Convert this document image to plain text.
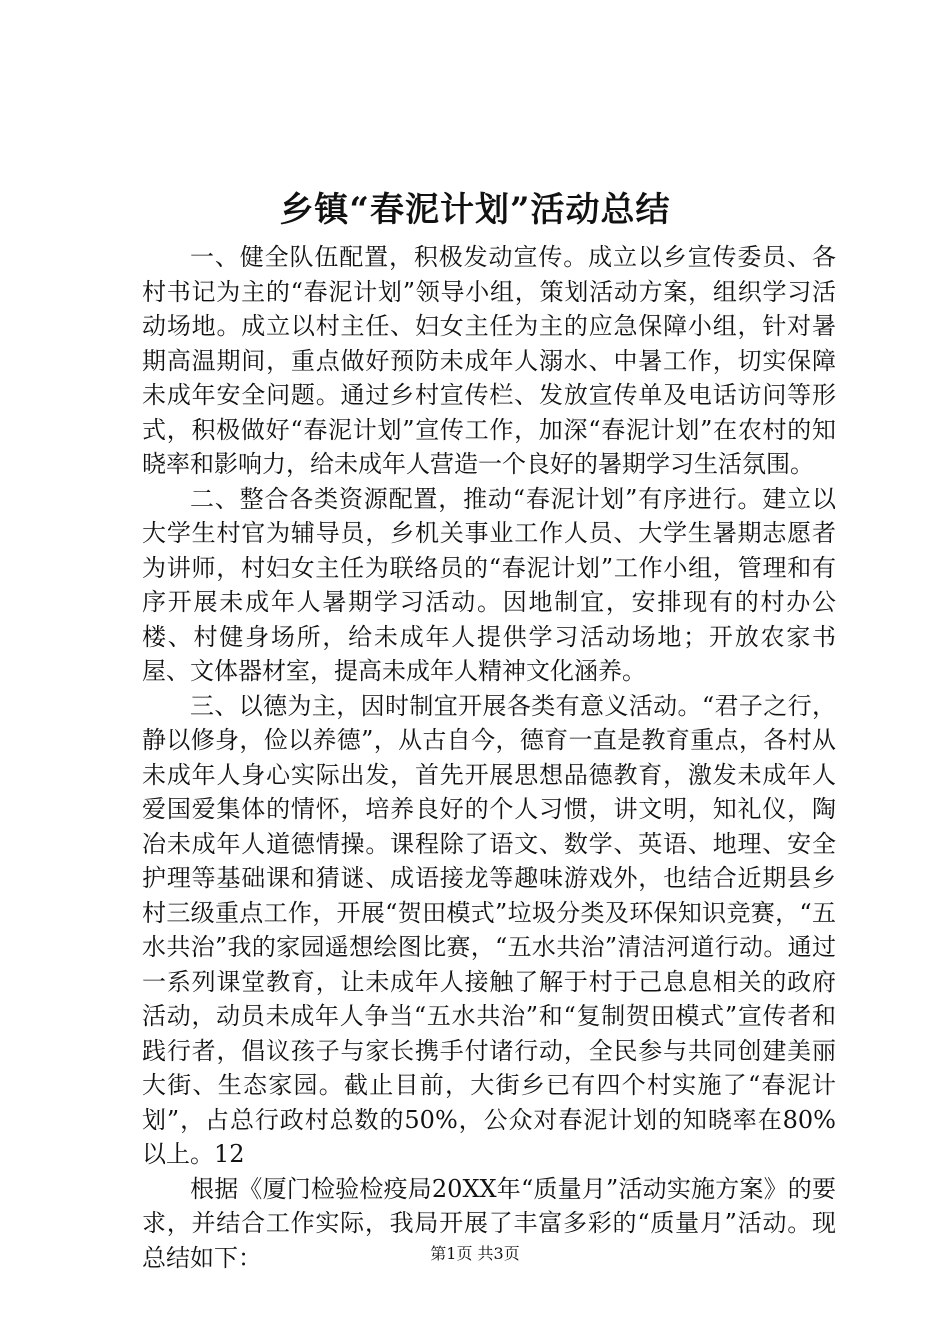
乡镇“春泥计划”活动总结

一、健全队伍配置，积极发动宣传。成立以乡宣传委员、各村书记为主的“春泥计划”领导小组，策划活动方案，组织学习活动场地。成立以村主任、妇女主任为主的应急保障小组，针对暑期高温期间，重点做好预防未成年人溺水、中暑工作，切实保障未成年安全问题。通过乡村宣传栏、发放宣传单及电话访问等形式，积极做好“春泥计划”宣传工作，加深“春泥计划”在农村的知晓率和影响力，给未成年人营造一个良好的暑期学习生活氛围。

二、整合各类资源配置，推动“春泥计划”有序进行。建立以大学生村官为辅导员，乡机关事业工作人员、大学生暑期志愿者为讲师，村妇女主任为联络员的“春泥计划”工作小组，管理和有序开展未成年人暑期学习活动。因地制宜，安排现有的村办公楼、村健身场所，给未成年人提供学习活动场地；开放农家书屋、文体器材室，提高未成年人精神文化涵养。

三、以德为主，因时制宜开展各类有意义活动。“君子之行，静以修身，俭以养德”，从古自今，德育一直是教育重点，各村从未成年人身心实际出发，首先开展思想品德教育，激发未成年人爱国爱集体的情怀，培养良好的个人习惯，讲文明，知礼仪，陶冶未成年人道德情操。课程除了语文、数学、英语、地理、安全护理等基础课和猜谜、成语接龙等趣味游戏外，也结合近期县乡村三级重点工作，开展“贺田模式”垃圾分类及环保知识竞赛，“五水共治”我的家园遥想绘图比赛，“五水共治”清洁河道行动。通过一系列课堂教育，让未成年人接触了解于村于己息息相关的政府活动，动员未成年人争当“五水共治”和“复制贺田模式”宣传者和践行者，倡议孩子与家长携手付诸行动，全民参与共同创建美丽大街、生态家园。截止目前，大街乡已有四个村实施了“春泥计划”，占总行政村总数的50%，公众对春泥计划的知晓率在80%以上。12

根据《厦门检验检疫局20XX年“质量月”活动实施方案》的要求，并结合工作实际，我局开展了丰富多彩的“质量月”活动。现总结如下：	第1页 共3页
